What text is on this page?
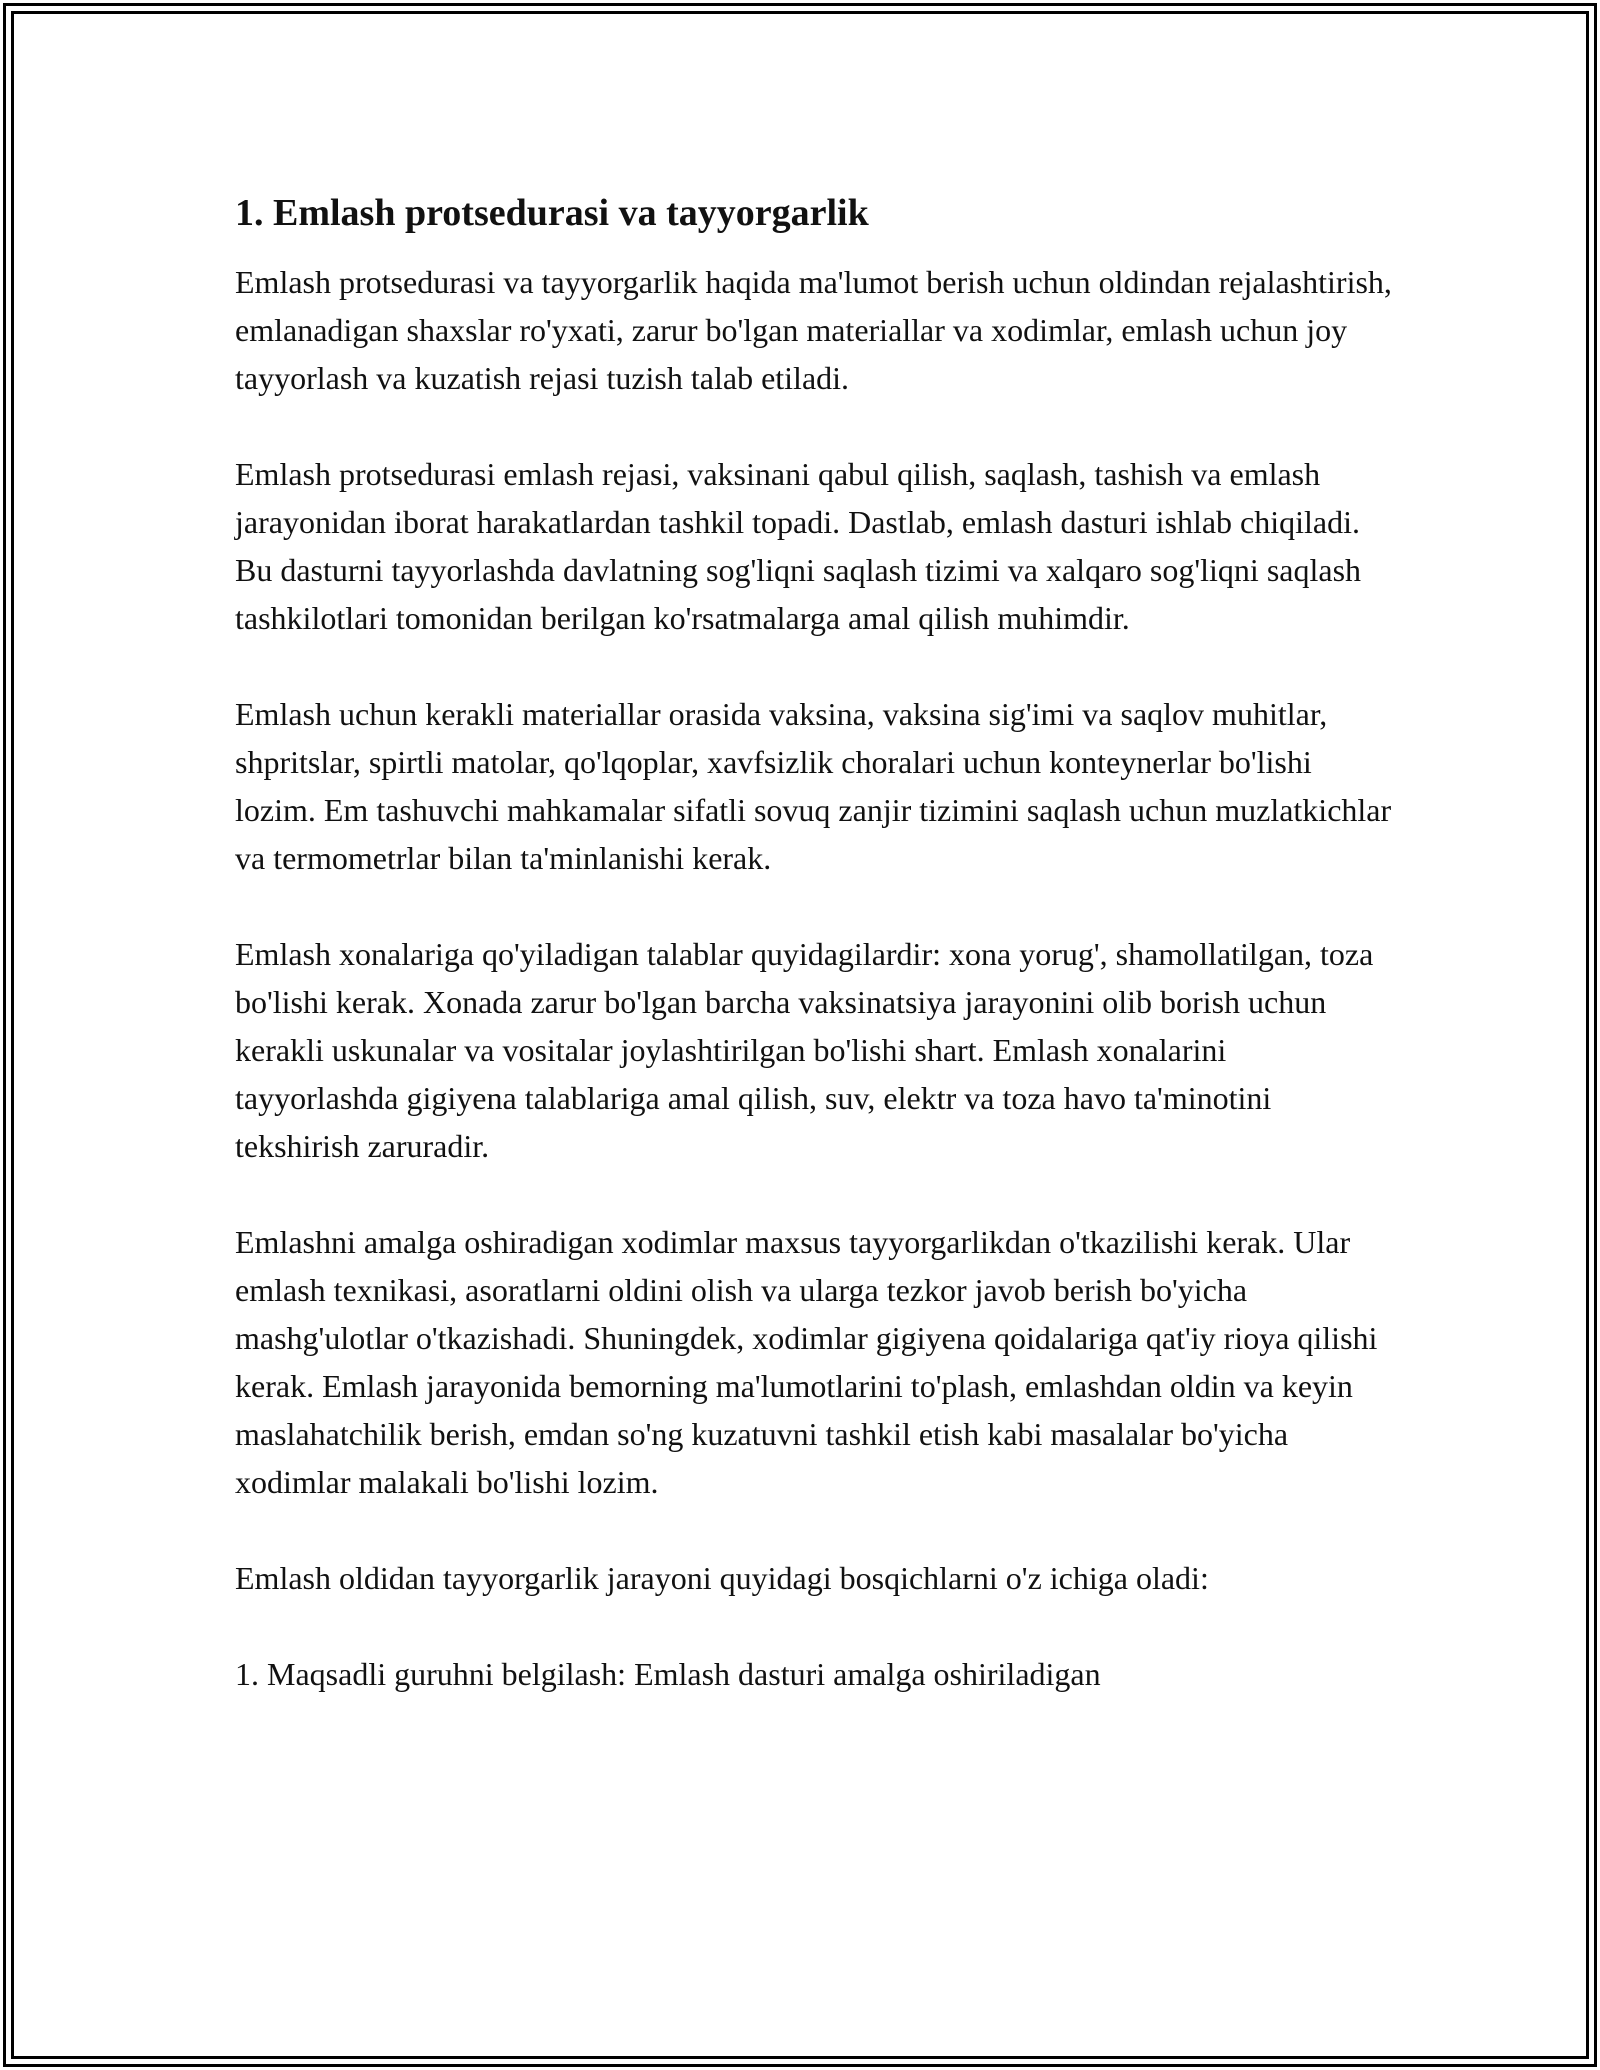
1. Emlash protsedurasi va tayyorgarlik

Emlash protsedurasi va tayyorgarlik haqida ma'lumot berish uchun oldindan rejalashtirish, emlanadigan shaxslar ro'yxati, zarur bo'lgan materiallar va xodimlar, emlash uchun joy tayyorlash va kuzatish rejasi tuzish talab etiladi.

Emlash protsedurasi emlash rejasi, vaksinani qabul qilish, saqlash, tashish va emlash jarayonidan iborat harakatlardan tashkil topadi. Dastlab, emlash dasturi ishlab chiqiladi. Bu dasturni tayyorlashda davlatning sog'liqni saqlash tizimi va xalqaro sog'liqni saqlash tashkilotlari tomonidan berilgan ko'rsatmalarga amal qilish muhimdir.

Emlash uchun kerakli materiallar orasida vaksina, vaksina sig'imi va saqlov muhitlar, shpritslar, spirtli matolar, qo'lqoplar, xavfsizlik choralari uchun konteynerlar bo'lishi lozim. Em tashuvchi mahkamalar sifatli sovuq zanjir tizimini saqlash uchun muzlatkichlar va termometrlar bilan ta'minlanishi kerak.

Emlash xonalariga qo'yiladigan talablar quyidagilardir: xona yorug', shamollatilgan, toza bo'lishi kerak. Xonada zarur bo'lgan barcha vaksinatsiya jarayonini olib borish uchun kerakli uskunalar va vositalar joylashtirilgan bo'lishi shart. Emlash xonalarini tayyorlashda gigiyena talablariga amal qilish, suv, elektr va toza havo ta'minotini tekshirish zaruradir.

Emlashni amalga oshiradigan xodimlar maxsus tayyorgarlikdan o'tkazilishi kerak. Ular emlash texnikasi, asoratlarni oldini olish va ularga tezkor javob berish bo'yicha mashg'ulotlar o'tkazishadi. Shuningdek, xodimlar gigiyena qoidalariga qat'iy rioya qilishi kerak. Emlash jarayonida bemorning ma'lumotlarini to'plash, emlashdan oldin va keyin maslahatchilik berish, emdan so'ng kuzatuvni tashkil etish kabi masalalar bo'yicha xodimlar malakali bo'lishi lozim.

Emlash oldidan tayyorgarlik jarayoni quyidagi bosqichlarni o'z ichiga oladi:

1. Maqsadli guruhni belgilash: Emlash dasturi amalga oshiriladigan
